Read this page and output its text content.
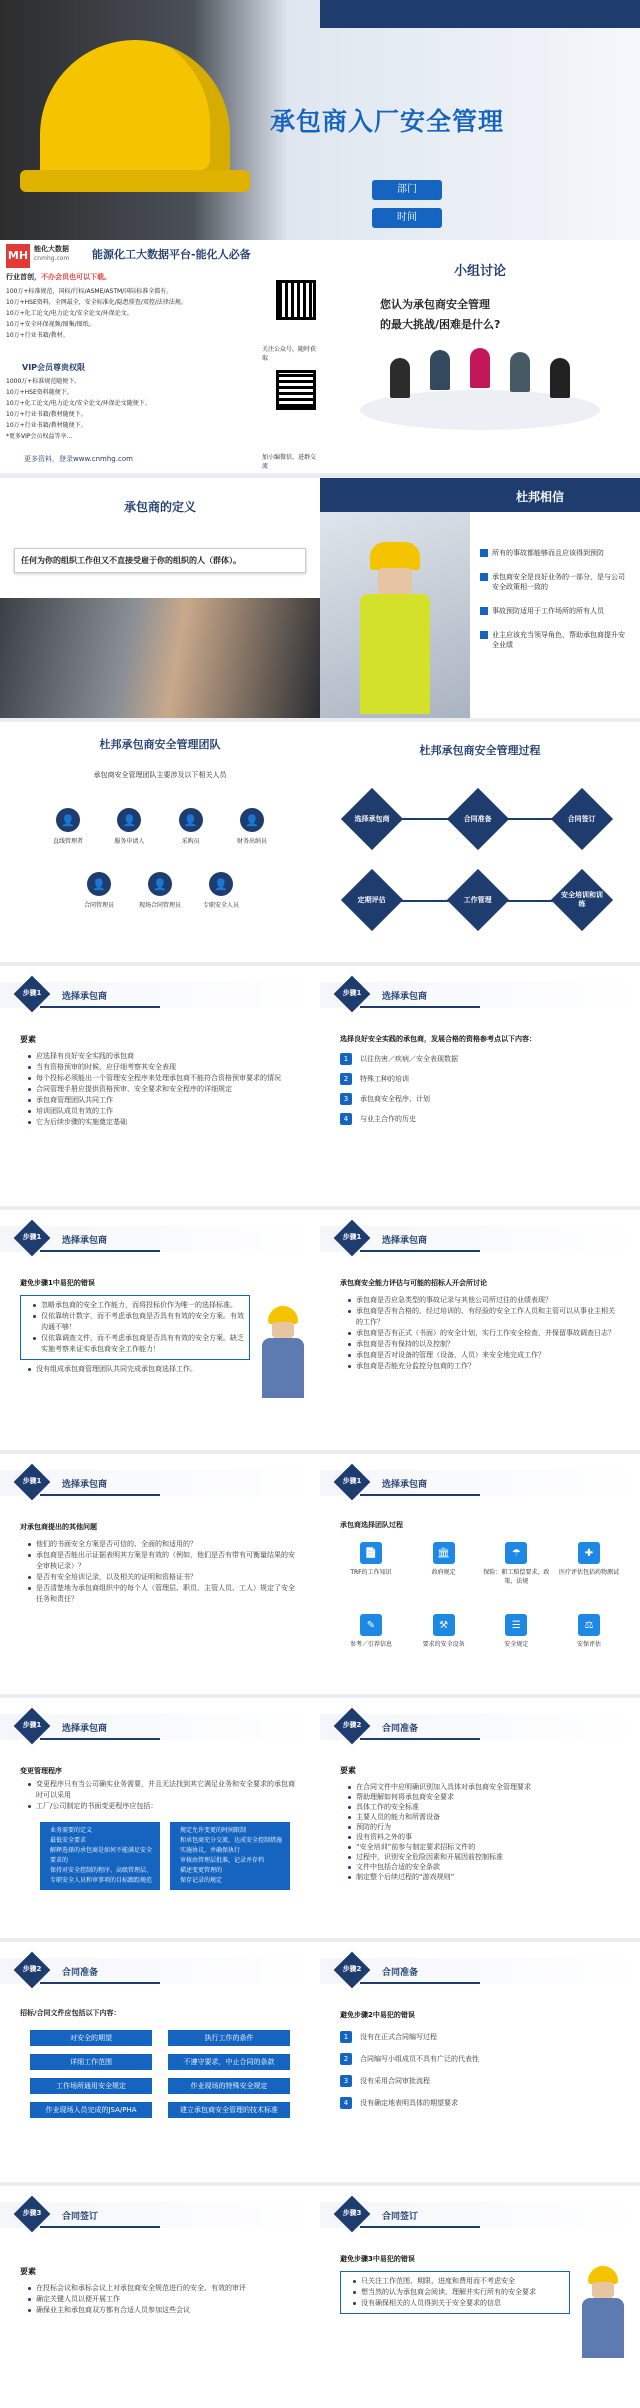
承包商入厂安全管理
部门
时间
MH 能化大数据
cnmhg.com 能源化工大数据平台-能化人必备
行业首创，不办会员也可以下载。
100万+标准规范，国标/行标/ASME/ASTM/国际标准全都有。
10万+HSE资料，全网最全，安全标准化/隐患排查/双控/法律法规。
10万+化工论文/电力论文/安全论文/环保论文。
10万+安全环保视频/图集/图纸。
10万+行业书籍/教材。
VIP会员尊贵权限
1000万+标准规范随便下。
10万+HSE资料随便下。
10万+化工论文/电力论文/安全论文/环保论文随便下。
10万+行业书籍/教材随便下。
10万+行业书籍/教材随便下。
*更多VIP会员权益等享...
更多资料，登录www.cnmhg.com
关注公众号，随时获取
加小编微信，进群交流
小组讨论
您认为承包商安全管理
的最大挑战/困难是什么?
承包商的定义
任何为你的组织工作但又不直接受雇于你的组织的人（群体）。
杜邦相信
所有的事故都能够而且应该得到预防
承包商安全是良好业务的一部分，是与公司安全政策相一致的
事故预防适用于工作场所的所有人员
业主应该充当领导角色，帮助承包商提升安全业绩
杜邦承包商安全管理团队
承包商安全管理团队主要涉及以下相关人员
👤
直线管理者
👤
服务申请人
👤
采购员
👤
财务出纳员
👤
合同管理员
👤
现场合同管理员
👤
专职安全人员
杜邦承包商安全管理过程
选择承包商	合同准备	合同签订
安全培训和训练
工作管理
定期评估
步骤1	选择承包商
要素
应选择有良好安全实践的承包商
当有资格预审的时候，应仔细考察其安全表现
每个投标必须能出一个管理安全程序来处理承包商不能符合资格预审要求的情况
合同管理手册应提供资格预审、安全要求和安全程序的详细规定
承包商管理团队共同工作
培训团队成员有效的工作
它为后续步骤的实施奠定基础
步骤1	选择承包商
选择良好安全实践的承包商，发展合格的资格参考点以下内容：
1 以往伤害／疾病／安全表现数据
2 特殊工种的培训
3 承包商安全程序、计划
4 与业主合作的历史
步骤1	选择承包商
避免步骤1中易犯的错误
忽略承包商的安全工作能力，而将投标价作为唯一的选择标准。
仅依靠统计数字，而不考虑承包商是否具有有效的安全方案。有效沟通不够！
仅依靠调查文件，而不考虑承包商是否具有有效的安全方案。缺乏实施考察来证实承包商安全工作能力！
没有组成承包商管理团队共同完成承包商选择工作。
步骤1	选择承包商
承包商安全能力评估与可能的招标人开会所讨论
承包商是否应急类型的事故记录与其他公司所过往的业绩表现？
承包商是否有合格的、经过培训的、有经验的安全工作人员和主管可以从事业主相关的工作？
承包商是否有正式（书面）的安全计划，实行工作安全检查，并保留事故调查日志？
承包商是否有保持的以及控制？
承包商是否对设备的管理（设备，人员）来安全地完成工作？
承包商是否能充分监控分包商的工作？
步骤1	选择承包商
对承包商提出的其他问题
他们的书面安全方案是否可信的、全面的和适用的？
承包商是否能出示证据表明其方案是有效的（例如，他们是否有带有可衡量结果的安全审核记录）？
是否有安全培训记录，以及相关的证明和资格证书？
是否清楚地为承包商组织中的每个人（管理层、职员、主管人员、工人）规定了安全任务和责任？
步骤1	选择承包商
承包商选择团队过程
📄
TRF的工作知识
🏛
政府规定
☂
保险：职工赔偿要求，政策，法规
✚
医疗评估包括药物测试
✎
参考／引荐信息
⚒
要求的安全设备
☰
安全规定
⚖
安保评估
步骤1	选择承包商
变更管理程序
变更程序只有当公司确实业务需要，并且无法找到其它满足业务和安全要求的承包商时可以采用
工厂/公司制定的书面变更程序应包括：
业务需要的定义
最低安全要求
解释选择的承包商是如何不能满足安全要求的
保持对安全控制的程序、高级管理层、专职安全人员和审事项的目标跟踪规范
规定允许变更的时间限制
和承包商充分交流，达成安全控制措施实施协议，并确保执行
审核由管理层批准，记录并存档
描述变更管理的
保存记录的规定
步骤2	合同准备
要素
在合同文件中应明确识别加入具体对承包商安全管理要求
帮助理解如何将承包商安全要求
具体工作的安全标准
主要人员的能力和所需设备
预防的行为
没有资料之外的事
“安全培训”前参与制定要求招标文件的
过程中，识别安全危险因素和开展因前控制标准
文件中包括合适的安全条款
制定整个后续过程的“游戏规则”
步骤2	合同准备
招标/合同文件应包括以下内容：
对安全的期望	执行工作的条件
详细工作范围	不遵守要求，中止合同的条款
工作场所通用安全规定	作业现场的特殊安全规定
作业现场人员完成的JSA/PHA	建立承包商安全管理的技术标准
步骤2	合同准备
避免步骤2中易犯的错误
1 没有在正式合同编写过程
2 合同编写小组成员不具有广泛的代表性
3 没有采用合同审批流程
4 没有确定地表明具体的期望要求
步骤3	合同签订
要素
在投标会议和承标会议上对承包商安全规范进行的安全、有效的审评
确定关键人员以便开展工作
确保业主和承包商双方都有合适人员参加这些会议
步骤3	合同签订
避免步骤3中易犯的错误
只关注工作范围、期限、进度和费用而不考虑安全
想当然的认为承包商会阅读、理解并实行所有的安全要求
没有确保相关的人员得到关于安全要求的信息
